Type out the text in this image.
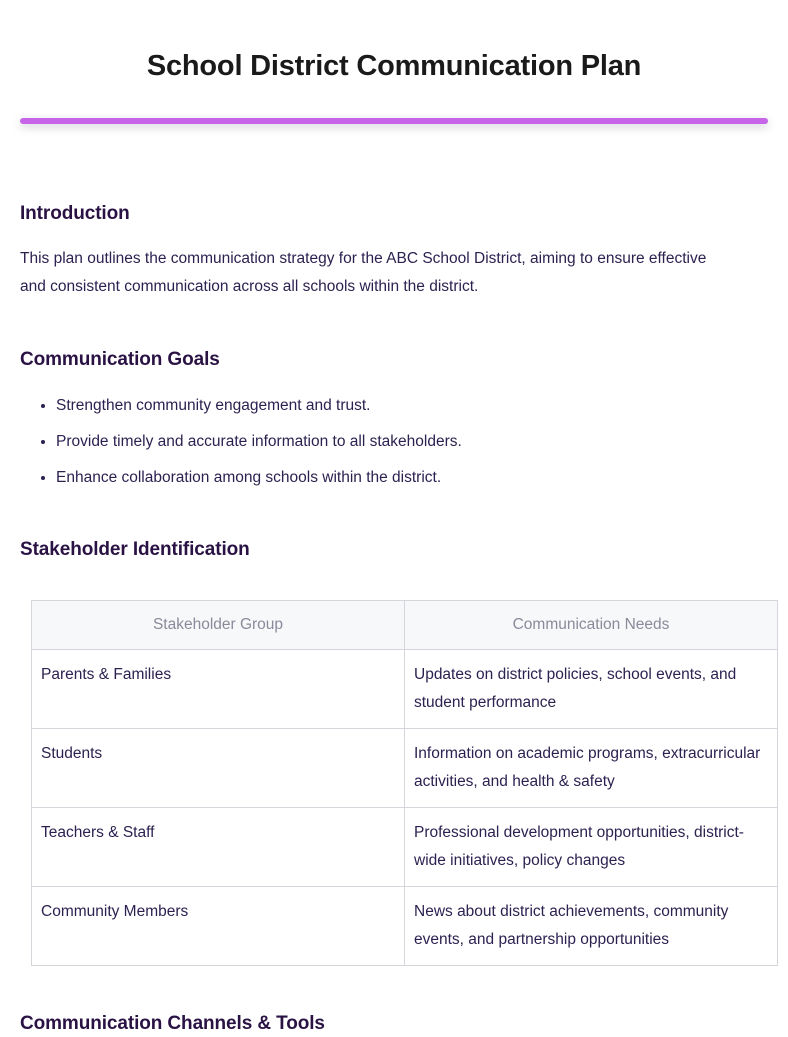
School District Communication Plan
Introduction

This plan outlines the communication strategy for the ABC School District, aiming to ensure effective and consistent communication across all schools within the district.

Communication Goals
Strengthen community engagement and trust.
Provide timely and accurate information to all stakeholders.
Enhance collaboration among schools within the district.
Stakeholder Identification
Stakeholder Group	Communication Needs
Parents & Families	Updates on district policies, school events, and student performance
Students	Information on academic programs, extracurricular activities, and health & safety
Teachers & Staff	Professional development opportunities, district-wide initiatives, policy changes
Community Members	News about district achievements, community events, and partnership opportunities
Communication Channels & Tools
